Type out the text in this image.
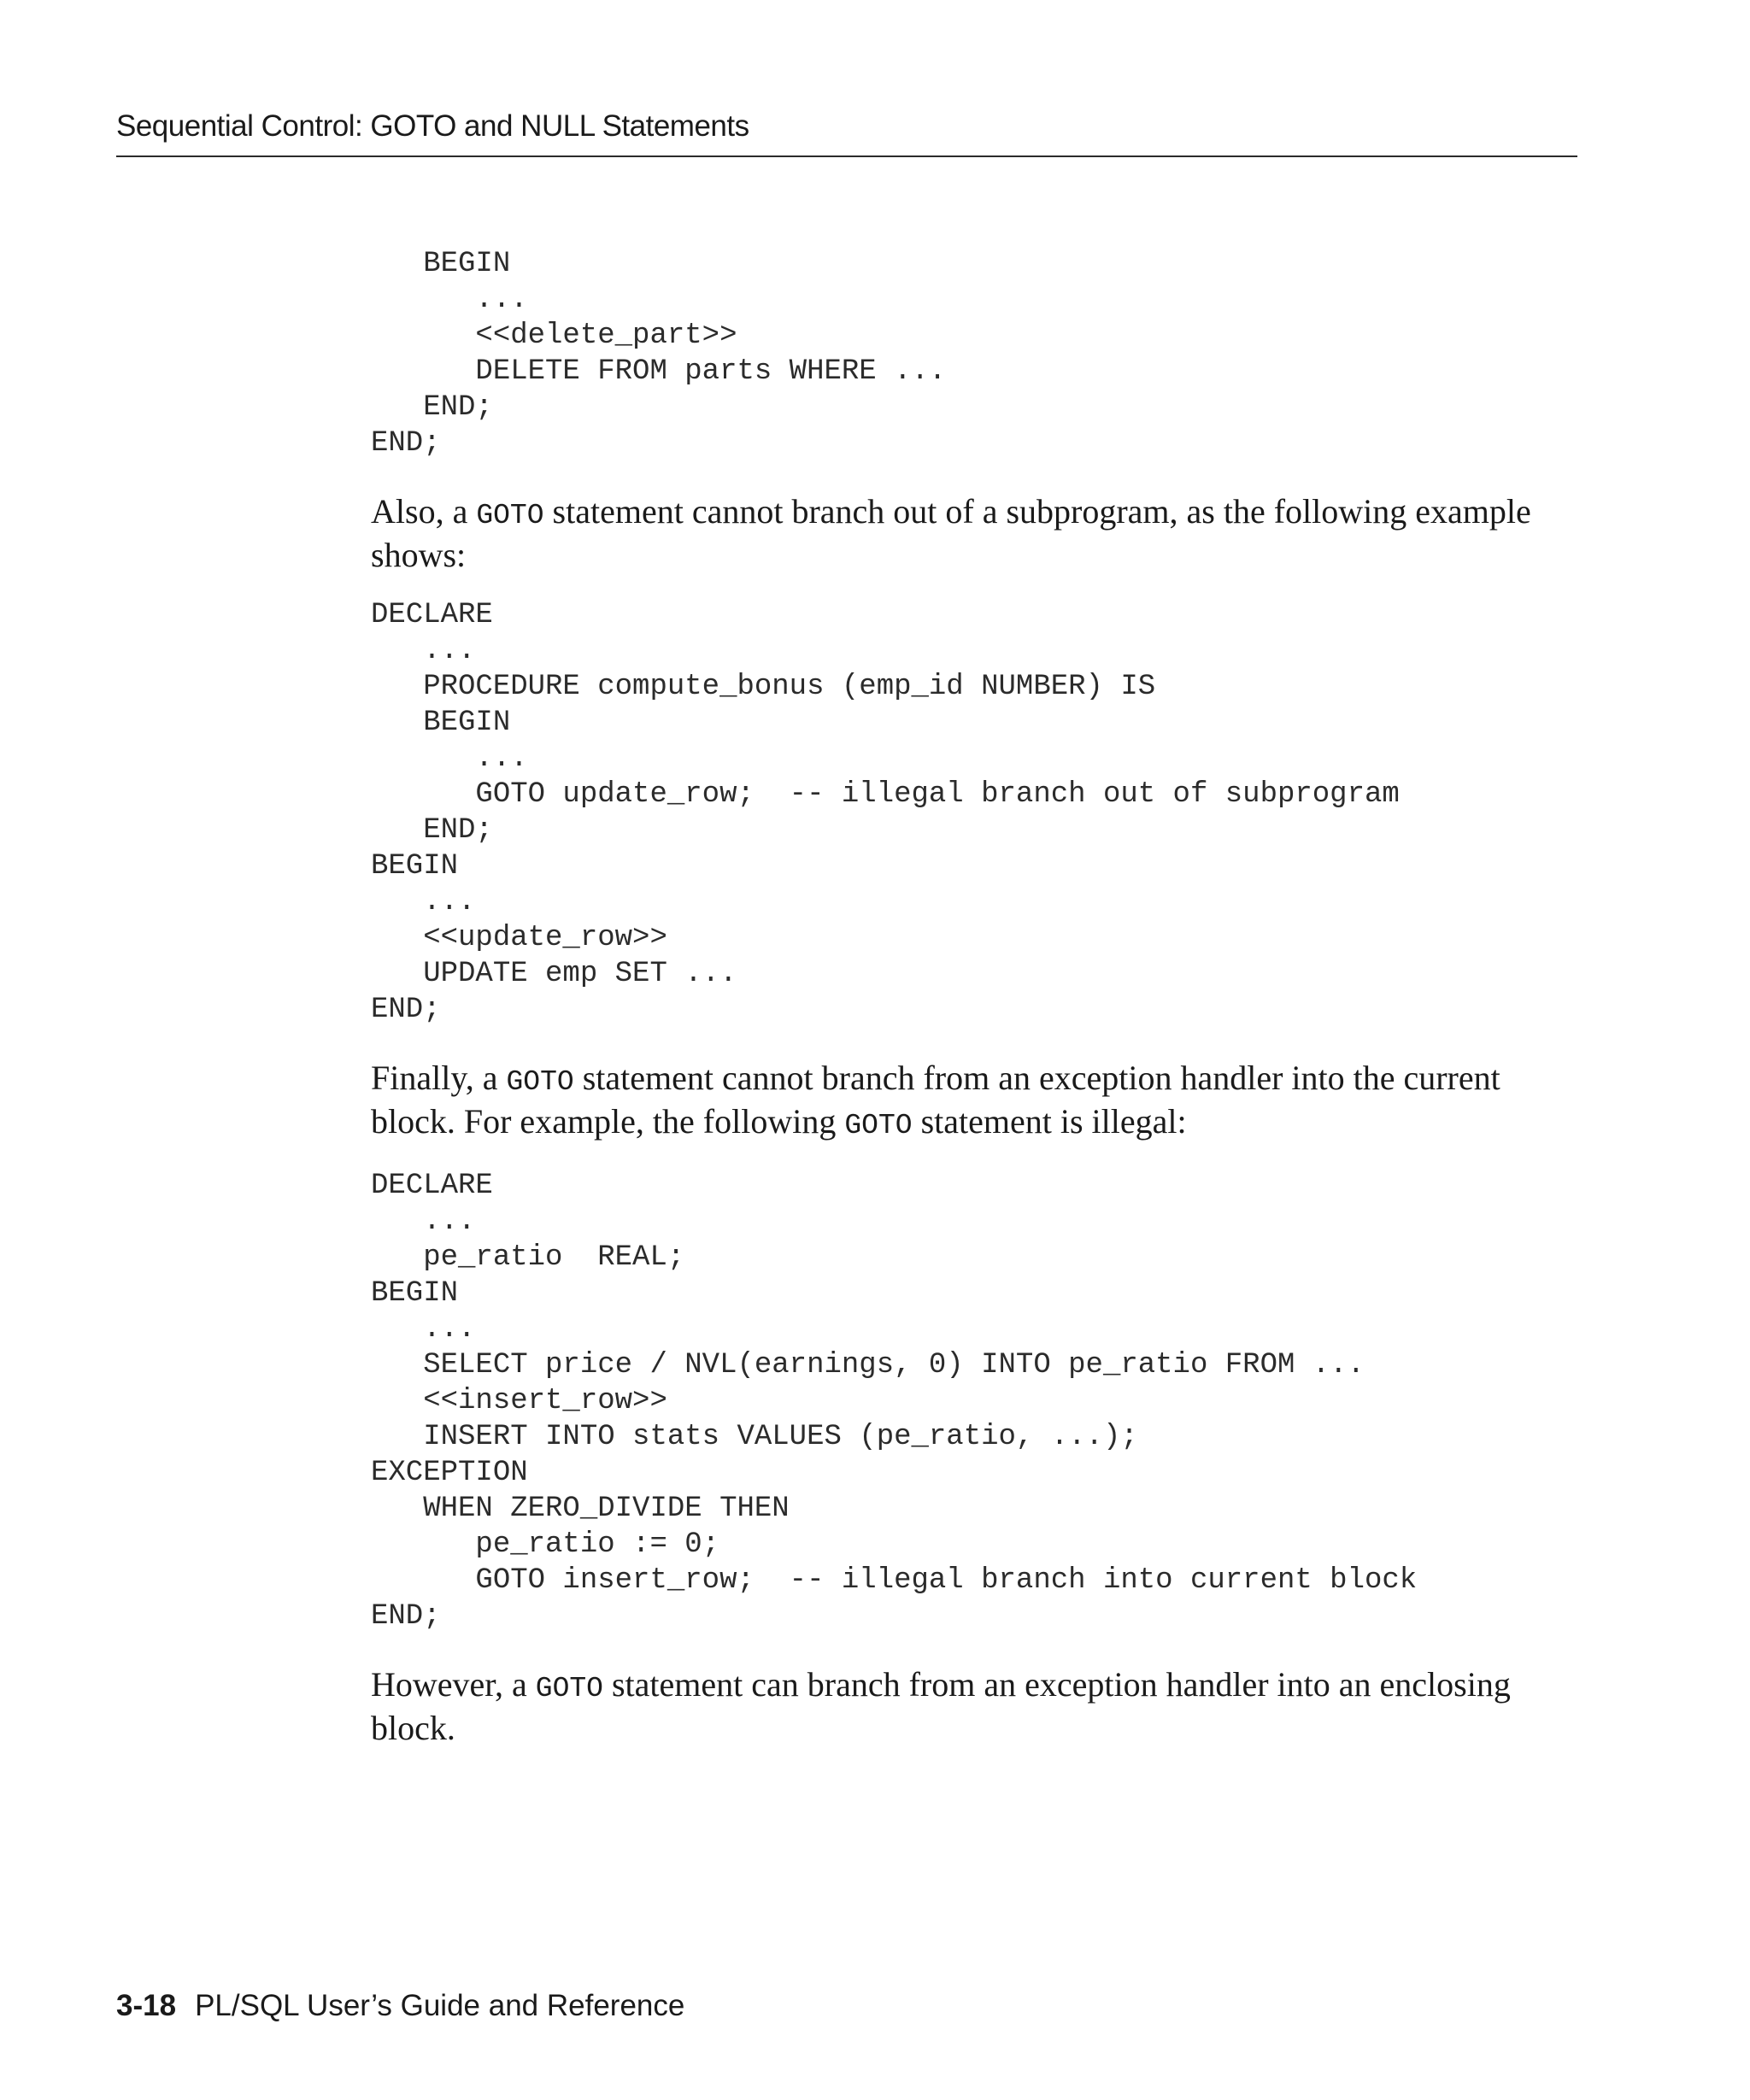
Sequential Control: GOTO and NULL Statements
BEGIN
...
<<delete_part>>
DELETE FROM parts WHERE ...
END;
END;

Also, a GOTO statement cannot branch out of a subprogram, as the following example shows:

DECLARE
...
PROCEDURE compute_bonus (emp_id NUMBER) IS
BEGIN
...
GOTO update_row;  -- illegal branch out of subprogram
END;
BEGIN
...
<<update_row>>
UPDATE emp SET ...
END;

Finally, a GOTO statement cannot branch from an exception handler into the current block. For example, the following GOTO statement is illegal:

DECLARE
...
pe_ratio  REAL;
BEGIN
...
SELECT price / NVL(earnings, 0) INTO pe_ratio FROM ...
<<insert_row>>
INSERT INTO stats VALUES (pe_ratio, ...);
EXCEPTION
WHEN ZERO_DIVIDE THEN
pe_ratio := 0;
GOTO insert_row;  -- illegal branch into current block
END;

However, a GOTO statement can branch from an exception handler into an enclosing block.

3-18 PL/SQL User’s Guide and Reference
